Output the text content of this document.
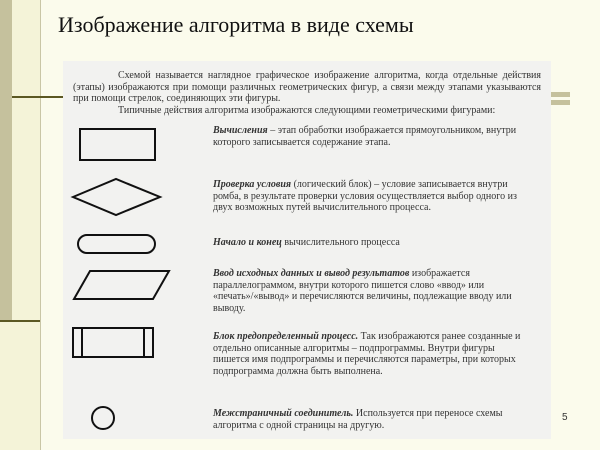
Изображение алгоритма в виде схемы

Схемой называется наглядное графическое изображение алгоритма, когда отдельные действия (этапы) изображаются при помощи различных геометрических фигур, а связи между этапами указываются при помощи стрелок, соединяющих эти фигуры.

Типичные действия алгоритма изображаются следующими геометрическими фигурами:

Вычисления – этап обработки изображается прямоугольником, внутри которого записывается содержание этапа.
Проверка условия (логический блок) – условие записывается внутри ромба, в результате проверки условия осуществляется выбор одного из двух возможных путей вычислительного процесса.
Начало и конец вычислительного процесса
Ввод исходных данных и вывод результатов изображается параллелограммом, внутри которого пишется слово «ввод» или «печать»/«вывод» и перечисляются величины, подлежащие вводу или выводу.
Блок предопределенный процесс. Так изображаются ранее созданные и отдельно описанные алгоритмы – подпрограммы. Внутри фигуры пишется имя подпрограммы и перечисляются параметры, при которых подпрограмма должна быть выполнена.
Межстраничный соединитель. Используется при переносе схемы алгоритма с одной страницы на другую.
5
